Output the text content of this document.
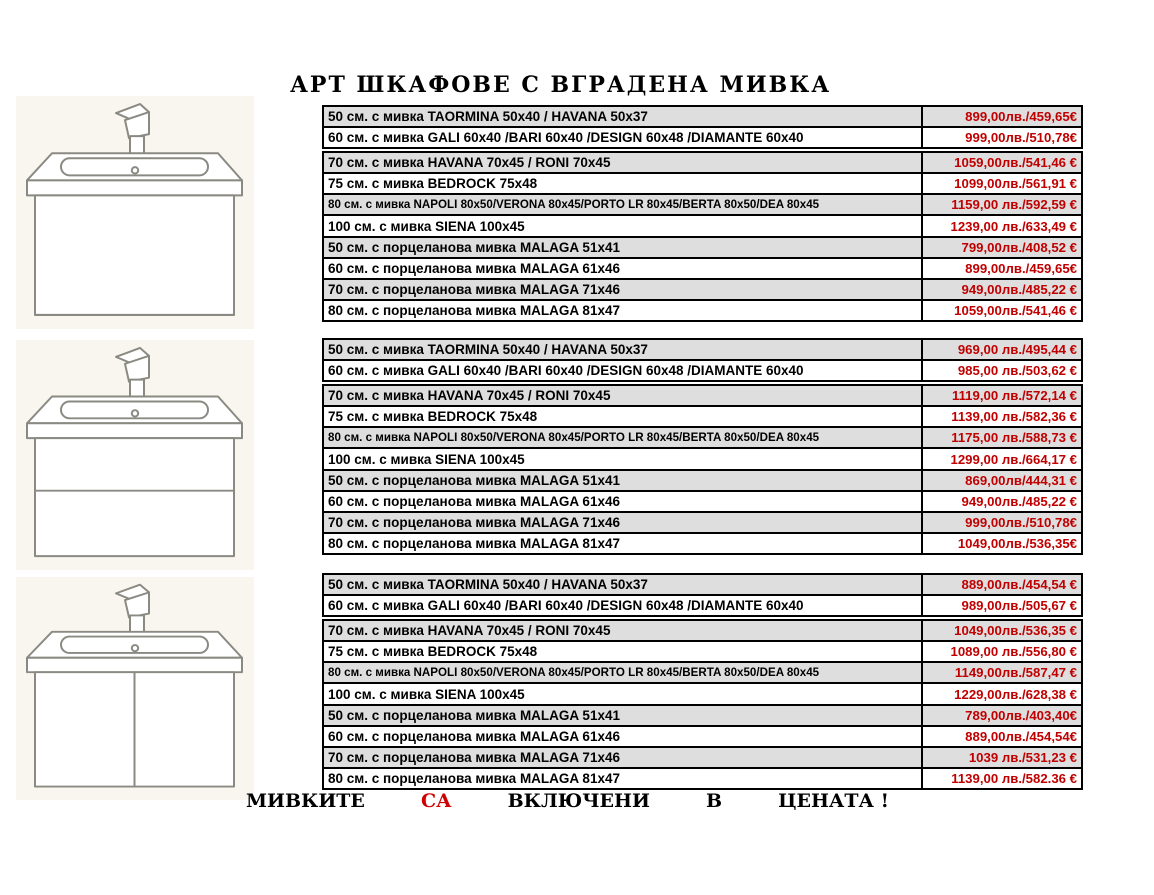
АРТ ШКАФОВЕ С ВГРАДЕНА МИВКА
50 см. с мивка TAORMINA 50x40 / HAVANA 50x37	899,00лв./459,65€
60 см. с мивка GALI 60x40 /BARI 60x40 /DESIGN 60x48 /DIAMANTE 60x40	999,00лв./510,78€
70 см. с мивка HAVANA 70x45 / RONI 70x45	1059,00лв./541,46 €
75 см. с мивка BEDROCK 75x48	1099,00лв./561,91 €
80 см. с мивка NAPOLI 80x50/VERONA 80x45/PORTO LR 80x45/BERTA 80x50/DEA 80x45	1159,00 лв./592,59 €
100 см. с мивка SIENA 100x45	1239,00 лв./633,49 €
50 см. с порцеланова мивка MALAGA 51x41	799,00лв./408,52 €
60 см. с порцеланова мивка MALAGA 61x46	899,00лв./459,65€
70 см. с порцеланова мивка MALAGA 71x46	949,00лв./485,22 €
80 см. с порцеланова мивка MALAGA 81x47	1059,00лв./541,46 €
50 см. с мивка TAORMINA 50x40 / HAVANA 50x37	969,00 лв./495,44 €
60 см. с мивка GALI 60x40 /BARI 60x40 /DESIGN 60x48 /DIAMANTE 60x40	985,00 лв./503,62 €
70 см. с мивка HAVANA 70x45 / RONI 70x45	1119,00 лв./572,14 €
75 см. с мивка BEDROCK 75x48	1139,00 лв./582,36 €
80 см. с мивка NAPOLI 80x50/VERONA 80x45/PORTO LR 80x45/BERTA 80x50/DEA 80x45	1175,00 лв./588,73 €
100 см. с мивка SIENA 100x45	1299,00 лв./664,17 €
50 см. с порцеланова мивка MALAGA 51x41	869,00лв/444,31 €
60 см. с порцеланова мивка MALAGA 61x46	949,00лв./485,22 €
70 см. с порцеланова мивка MALAGA 71x46	999,00лв./510,78€
80 см. с порцеланова мивка MALAGA 81x47	1049,00лв./536,35€
50 см. с мивка TAORMINA 50x40 / HAVANA 50x37	889,00лв./454,54 €
60 см. с мивка GALI 60x40 /BARI 60x40 /DESIGN 60x48 /DIAMANTE 60x40	989,00лв./505,67 €
70 см. с мивка HAVANA 70x45 / RONI 70x45	1049,00лв./536,35 €
75 см. с мивка BEDROCK 75x48	1089,00 лв./556,80 €
80 см. с мивка NAPOLI 80x50/VERONA 80x45/PORTO LR 80x45/BERTA 80x50/DEA 80x45	1149,00лв./587,47 €
100 см. с мивка SIENA 100x45	1229,00лв./628,38 €
50 см. с порцеланова мивка MALAGA 51x41	789,00лв./403,40€
60 см. с порцеланова мивка MALAGA 61x46	889,00лв./454,54€
70 см. с порцеланова мивка MALAGA 71x46	1039 лв./531,23 €
80 см. с порцеланова мивка MALAGA 81x47	1139,00 лв./582.36 €
МИВКИТЕ	СА	ВКЛЮЧЕНИ	В	ЦЕНАТА !
